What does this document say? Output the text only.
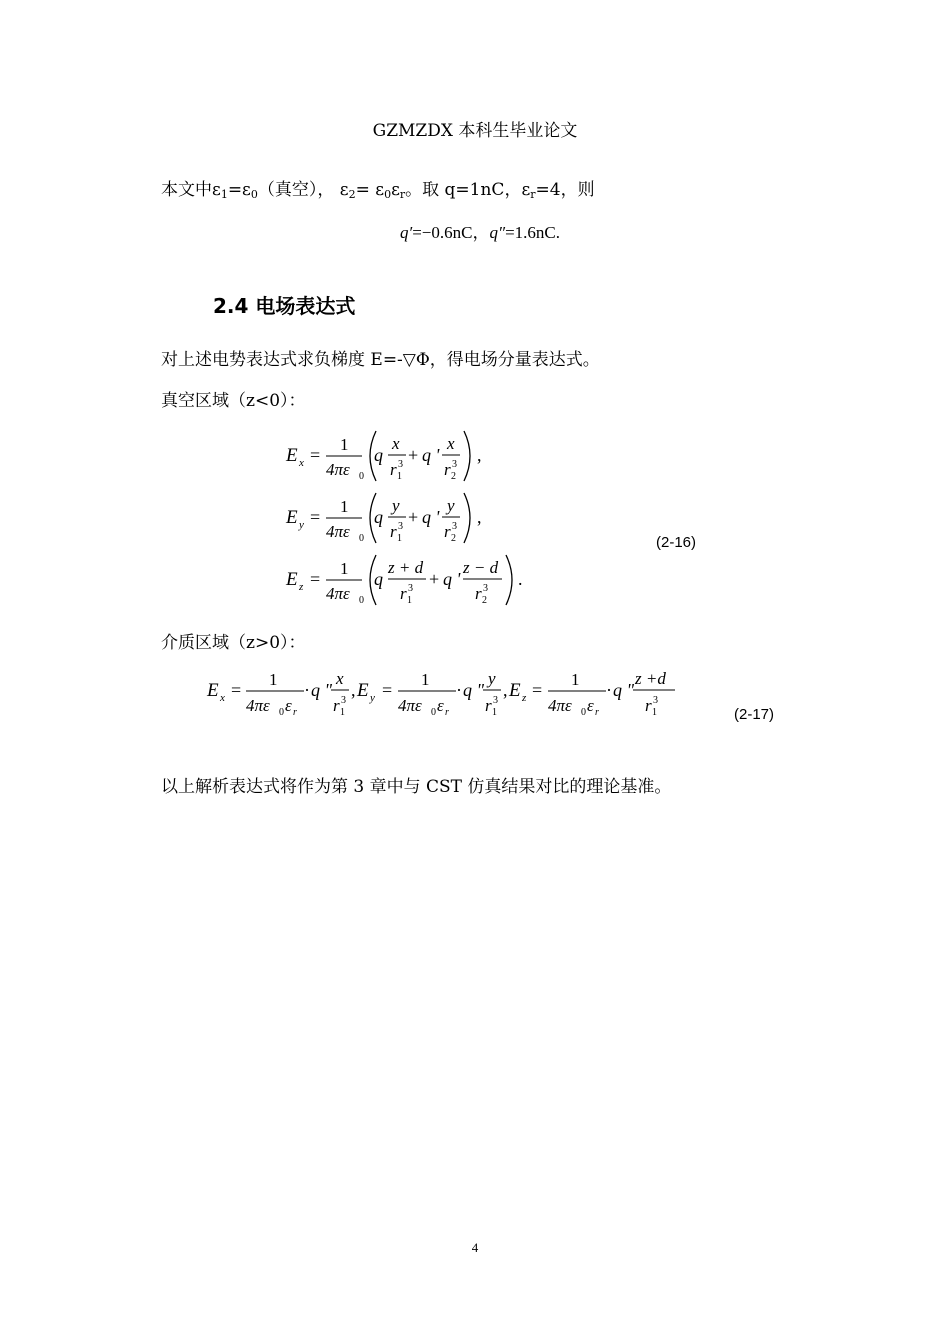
GZMZDX 本科生毕业论文
本文中$\varepsilon_1=\varepsilon_0$（真空）， $\varepsilon_2= \varepsilon_0\varepsilon_r$。取 q=1nC，$\varepsilon_r=4$，则
q′=−0.6nC，q″=1.6nC.
2.4 电场表达式
对上述电势表达式求负梯度 E=-▽Φ，得电场分量表达式。
真空区域（z<0）：
E x =
1
4πε 0
q
x
r 3
1
+ q '
x
r 3
2
,
E y =
1
4πε 0
q
y
r 3
1
+ q '
y
r 3
2
,
E z =
1
4πε 0
q
z + d
r 3
1
+ q '
z − d
r 3
2
.
(2-16)
介质区域（z>0）：
E x =
1
4πε 0 ε r
· q "
x
r 3
1
, E y =
1
4πε 0 ε r
· q "
y
r 3
1
, E z =
1
4πε 0 ε r
· q "
z +d
r 3
1	(2-17)
以上解析表达式将作为第 3 章中与 CST 仿真结果对比的理论基准。
4
